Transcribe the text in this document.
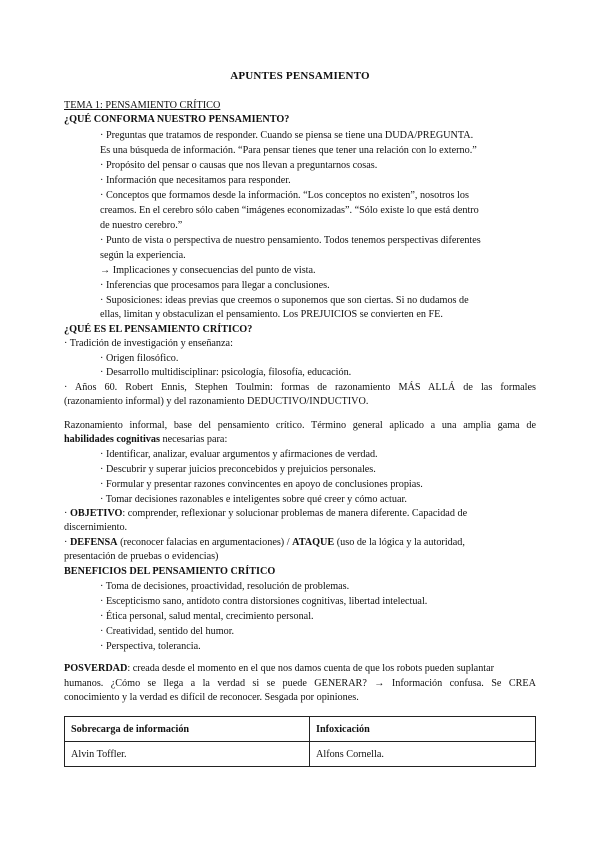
APUNTES PENSAMIENTO
TEMA 1: PENSAMIENTO CRÍTICO
¿QUÉ CONFORMA NUESTRO PENSAMIENTO?
· Preguntas que tratamos de responder. Cuando se piensa se tiene una DUDA/PREGUNTA.
Es una búsqueda de información. “Para pensar tienes que tener una relación con lo externo.”
· Propósito del pensar o causas que nos llevan a preguntarnos cosas.
· Información que necesitamos para responder.
· Conceptos que formamos desde la información. “Los conceptos no existen”, nosotros los
creamos. En el cerebro sólo caben “imágenes economizadas”. “Sólo existe lo que está dentro
de nuestro cerebro.”
· Punto de vista o perspectiva de nuestro pensamiento. Todos tenemos perspectivas diferentes
según la experiencia.
→ Implicaciones y consecuencias del punto de vista.
· Inferencias que procesamos para llegar a conclusiones.
· Suposiciones: ideas previas que creemos o suponemos que son ciertas. Si no dudamos de
ellas, limitan y obstaculizan el pensamiento. Los PREJUICIOS se convierten en FE.
¿QUÉ ES EL PENSAMIENTO CRÍTICO?
· Tradición de investigación y enseñanza:
· Origen filosófico.
· Desarrollo multidisciplinar: psicología, filosofía, educación.
· Años 60. Robert Ennis, Stephen Toulmin: formas de razonamiento MÁS ALLÁ de las formales
(razonamiento informal) y del razonamiento DEDUCTIVO/INDUCTIVO.
Razonamiento informal, base del pensamiento crítico. Término general aplicado a una amplia gama de
habilidades cognitivas necesarias para:
· Identificar, analizar, evaluar argumentos y afirmaciones de verdad.
· Descubrir y superar juicios preconcebidos y prejuicios personales.
· Formular y presentar razones convincentes en apoyo de conclusiones propias.
· Tomar decisiones razonables e inteligentes sobre qué creer y cómo actuar.
· OBJETIVO: comprender, reflexionar y solucionar problemas de manera diferente. Capacidad de
discernimiento.
· DEFENSA (reconocer falacias en argumentaciones) / ATAQUE (uso de la lógica y la autoridad,
presentación de pruebas o evidencias)
BENEFICIOS DEL PENSAMIENTO CRÍTICO
· Toma de decisiones, proactividad, resolución de problemas.
· Escepticismo sano, antídoto contra distorsiones cognitivas, libertad intelectual.
· Ética personal, salud mental, crecimiento personal.
· Creatividad, sentido del humor.
· Perspectiva, tolerancia.
POSVERDAD: creada desde el momento en el que nos damos cuenta de que los robots pueden suplantar
humanos. ¿Cómo se llega a la verdad si se puede GENERAR? → Información confusa. Se CREA
conocimiento y la verdad es difícil de reconocer. Sesgada por opiniones.
Sobrecarga de información	Infoxicación
Alvin Toffler.	Alfons Cornella.
